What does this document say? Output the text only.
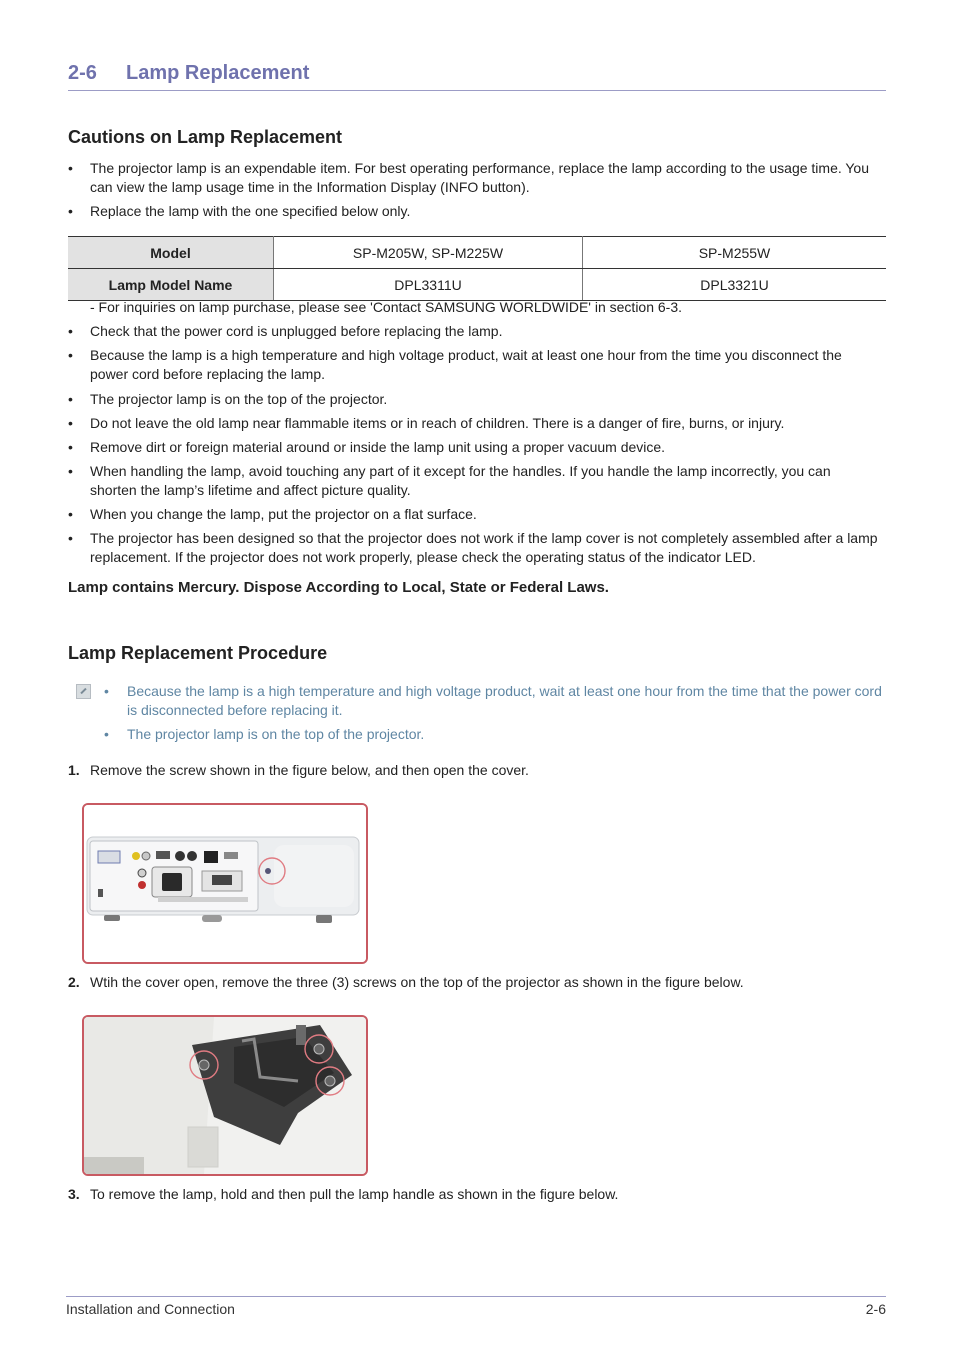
2-6 Lamp Replacement
Cautions on Lamp Replacement
•	The projector lamp is an expendable item. For best operating performance, replace the lamp according to the usage time. You can view the lamp usage time in the Information Display (INFO button).
•	Replace the lamp with the one specified below only.
Model	SP-M205W, SP-M225W	SP-M255W
Lamp Model Name	DPL3311U	DPL3321U
- For inquiries on lamp purchase, please see 'Contact SAMSUNG WORLDWIDE' in section 6-3.
•	Check that the power cord is unplugged before replacing the lamp.
•	Because the lamp is a high temperature and high voltage product, wait at least one hour from the time you disconnect the power cord before replacing the lamp.
•	The projector lamp is on the top of the projector.
•	Do not leave the old lamp near flammable items or in reach of children. There is a danger of fire, burns, or injury.
•	Remove dirt or foreign material around or inside the lamp unit using a proper vacuum device.
•	When handling the lamp, avoid touching any part of it except for the handles. If you handle the lamp incorrectly, you can shorten the lamp’s lifetime and affect picture quality.
•	When you change the lamp, put the projector on a flat surface.
•	The projector has been designed so that the projector does not work if the lamp cover is not completely assembled after a lamp replacement. If the projector does not work properly, please check the operating status of the indicator LED.
Lamp contains Mercury. Dispose According to Local, State or Federal Laws.
Lamp Replacement Procedure
• Because the lamp is a high temperature and high voltage product, wait at least one hour from the time that the power cord is disconnected before replacing it.
• The projector lamp is on the top of the projector.
1. Remove the screw shown in the figure below, and then open the cover.
2. Wtih the cover open, remove the three (3) screws on the top of the projector as shown in the figure below.
3. To remove the lamp, hold and then pull the lamp handle as shown in the figure below.
Installation and Connection	2-6
